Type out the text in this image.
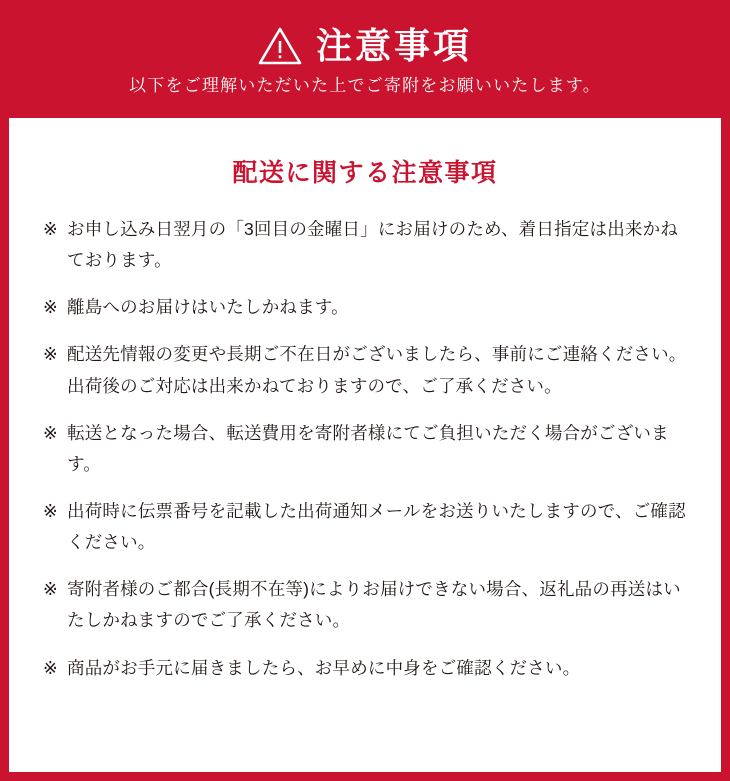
注意事項
以下をご理解いただいた上でご寄附をお願いいたします。
配送に関する注意事項
※ お申し込み日翌月の「3回目の金曜日」にお届けのため、着日指定は出来かねております。
※ 離島へのお届けはいたしかねます。
※ 配送先情報の変更や長期ご不在日がございましたら、事前にご連絡ください。出荷後のご対応は出来かねておりますので、ご了承ください。
※ 転送となった場合、転送費用を寄附者様にてご負担いただく場合がございます。
※ 出荷時に伝票番号を記載した出荷通知メールをお送りいたしますので、ご確認ください。
※ 寄附者様のご都合(長期不在等)によりお届けできない場合、返礼品の再送はいたしかねますのでご了承ください。
※ 商品がお手元に届きましたら、お早めに中身をご確認ください。
